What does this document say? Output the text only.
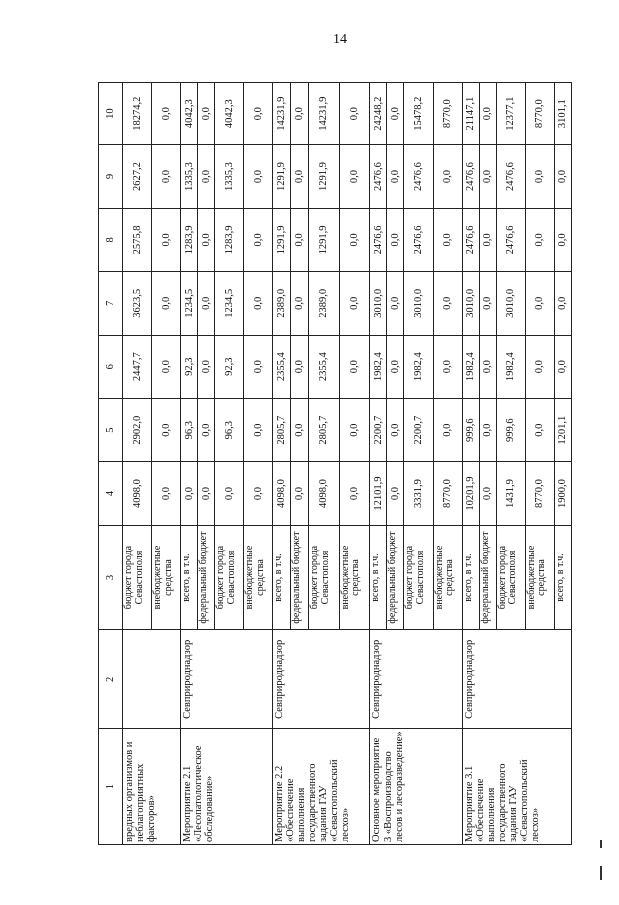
14
1	2	3	4	5	6	7	8	9	10
вредных организмов и неблагоприятных факторов»		бюджет города Севастополя	4098,0	2902,0	2447,7	3623,5	2575,8	2627,2	18274,2
		внебюджетные средства	0,0	0,0	0,0	0,0	0,0	0,0	0,0
Мероприятие 2.1 «Лесопатологическое обследование»	Севприроднадзор	всего, в т.ч.	0,0	96,3	92,3	1234,5	1283,9	1335,3	4042,3
		федеральный бюджет	0,0	0,0	0,0	0,0	0,0	0,0	0,0
		бюджет города Севастополя	0,0	96,3	92,3	1234,5	1283,9	1335,3	4042,3
		внебюджетные средства	0,0	0,0	0,0	0,0	0,0	0,0	0,0
Мероприятие 2.2 «Обеспечение выполнения государственного задания ГАУ «Севастопольский лесхоз»	Севприроднадзор	всего, в т.ч.	4098,0	2805,7	2355,4	2389,0	1291,9	1291,9	14231,9
		федеральный бюджет	0,0	0,0	0,0	0,0	0,0	0,0	0,0
		бюджет города Севастополя	4098,0	2805,7	2355,4	2389,0	1291,9	1291,9	14231,9
		внебюджетные средства	0,0	0,0	0,0	0,0	0,0	0,0	0,0
Основное мероприятие 3 «Воспроизводство лесов и лесоразведение»	Севприроднадзор	всего, в т.ч.	12101,9	2200,7	1982,4	3010,0	2476,6	2476,6	24248,2
		федеральный бюджет	0,0	0,0	0,0	0,0	0,0	0,0	0,0
		бюджет города Севастополя	3331,9	2200,7	1982,4	3010,0	2476,6	2476,6	15478,2
		внебюджетные средства	8770,0	0,0	0,0	0,0	0,0	0,0	8770,0
Мероприятие 3.1 «Обеспечение выполнения государственного задания ГАУ «Севастопольский лесхоз»	Севприроднадзор	всего, в т.ч.	10201,9	999,6	1982,4	3010,0	2476,6	2476,6	21147,1
		федеральный бюджет	0,0	0,0	0,0	0,0	0,0	0,0	0,0
		бюджет города Севастополя	1431,9	999,6	1982,4	3010,0	2476,6	2476,6	12377,1
		внебюджетные средства	8770,0	0,0	0,0	0,0	0,0	0,0	8770,0
		всего, в т.ч.	1900,0	1201,1	0,0	0,0	0,0	0,0	3101,1
